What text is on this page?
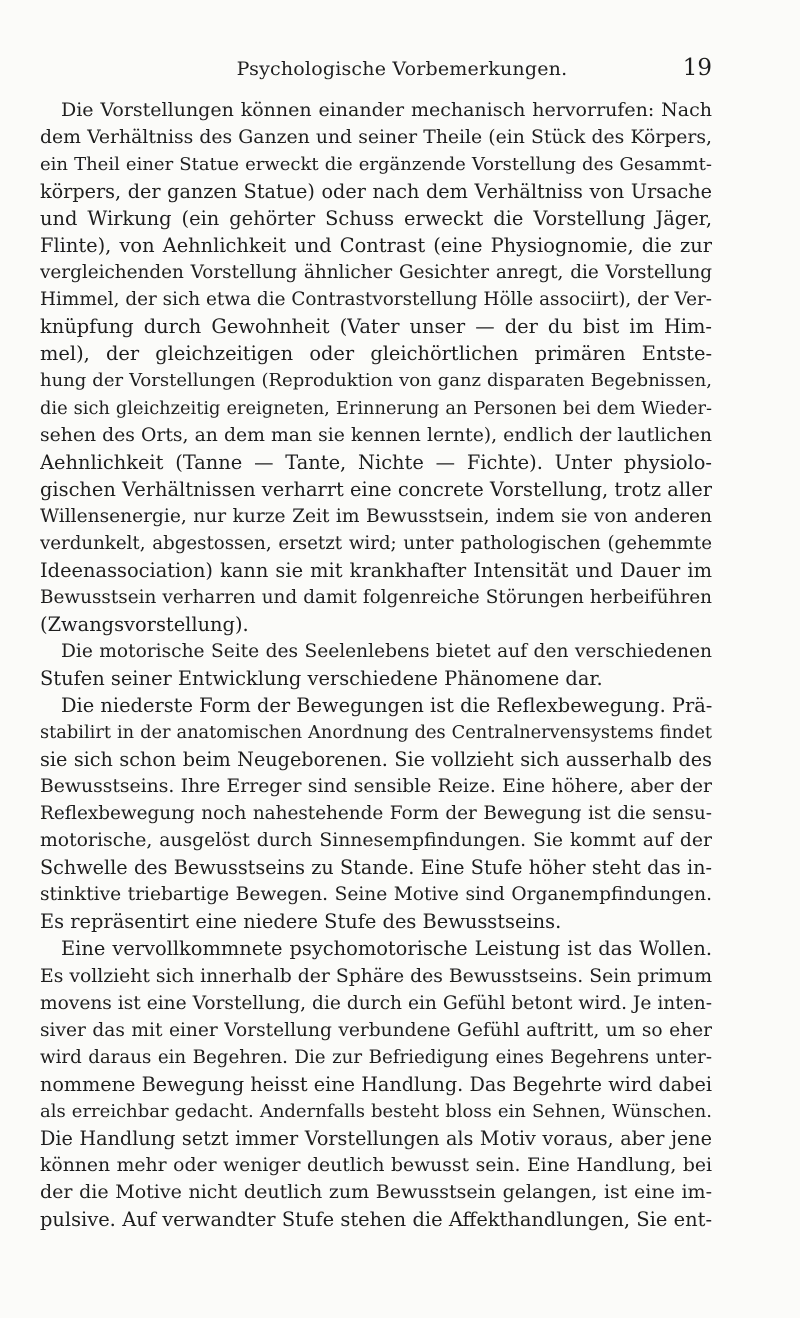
Psychologische Vorbemerkungen.	19
Die Vorstellungen können einander mechanisch hervorrufen: Nach
dem Verhältniss des Ganzen und seiner Theile (ein Stück des Körpers,
ein Theil einer Statue erweckt die ergänzende Vorstellung des Gesammt-
körpers, der ganzen Statue) oder nach dem Verhältniss von Ursache
und Wirkung (ein gehörter Schuss erweckt die Vorstellung Jäger,
Flinte), von Aehnlichkeit und Contrast (eine Physiognomie, die zur
vergleichenden Vorstellung ähnlicher Gesichter anregt, die Vorstellung
Himmel, der sich etwa die Contrastvorstellung Hölle associirt), der Ver-
knüpfung durch Gewohnheit (Vater unser — der du bist im Him-
mel), der gleichzeitigen oder gleichörtlichen primären Entste-
hung der Vorstellungen (Reproduktion von ganz disparaten Begebnissen,
die sich gleichzeitig ereigneten, Erinnerung an Personen bei dem Wieder-
sehen des Orts, an dem man sie kennen lernte), endlich der lautlichen
Aehnlichkeit (Tanne — Tante, Nichte — Fichte). Unter physiolo-
gischen Verhältnissen verharrt eine concrete Vorstellung, trotz aller
Willensenergie, nur kurze Zeit im Bewusstsein, indem sie von anderen
verdunkelt, abgestossen, ersetzt wird; unter pathologischen (gehemmte
Ideenassociation) kann sie mit krankhafter Intensität und Dauer im
Bewusstsein verharren und damit folgenreiche Störungen herbeiführen
(Zwangsvorstellung).
Die motorische Seite des Seelenlebens bietet auf den verschiedenen
Stufen seiner Entwicklung verschiedene Phänomene dar.
Die niederste Form der Bewegungen ist die Reflexbewegung. Prä-
stabilirt in der anatomischen Anordnung des Centralnervensystems findet
sie sich schon beim Neugeborenen. Sie vollzieht sich ausserhalb des
Bewusstseins. Ihre Erreger sind sensible Reize. Eine höhere, aber der
Reflexbewegung noch nahestehende Form der Bewegung ist die sensu-
motorische, ausgelöst durch Sinnesempfindungen. Sie kommt auf der
Schwelle des Bewusstseins zu Stande. Eine Stufe höher steht das in-
stinktive triebartige Bewegen. Seine Motive sind Organempfindungen.
Es repräsentirt eine niedere Stufe des Bewusstseins.
Eine vervollkommnete psychomotorische Leistung ist das Wollen.
Es vollzieht sich innerhalb der Sphäre des Bewusstseins. Sein primum
movens ist eine Vorstellung, die durch ein Gefühl betont wird. Je inten-
siver das mit einer Vorstellung verbundene Gefühl auftritt, um so eher
wird daraus ein Begehren. Die zur Befriedigung eines Begehrens unter-
nommene Bewegung heisst eine Handlung. Das Begehrte wird dabei
als erreichbar gedacht. Andernfalls besteht bloss ein Sehnen, Wünschen.
Die Handlung setzt immer Vorstellungen als Motiv voraus, aber jene
können mehr oder weniger deutlich bewusst sein. Eine Handlung, bei
der die Motive nicht deutlich zum Bewusstsein gelangen, ist eine im-
pulsive. Auf verwandter Stufe stehen die Affekthandlungen, Sie ent-
